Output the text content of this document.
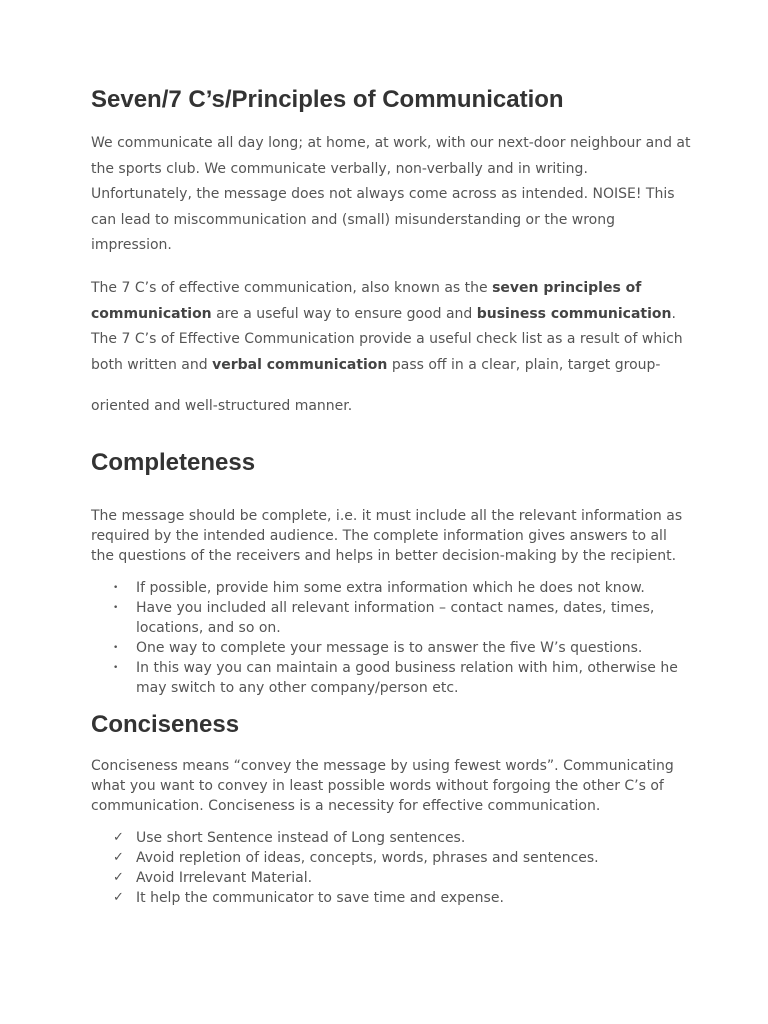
Seven/7 C’s/Principles of Communication

We communicate all day long; at home, at work, with our next-door neighbour and at the sports club. We communicate verbally, non-verbally and in writing. Unfortunately, the message does not always come across as intended. NOISE! This can lead to miscommunication and (small) misunderstanding or the wrong impression.

The 7 C’s of effective communication, also known as the seven principles of communication are a useful way to ensure good and business communication. The 7 C’s of Effective Communication provide a useful check list as a result of which both written and verbal communication pass off in a clear, plain, target group-

oriented and well-structured manner.

Completeness

The message should be complete, i.e. it must include all the relevant information as required by the intended audience. The complete information gives answers to all the questions of the receivers and helps in better decision-making by the recipient.

• If possible, provide him some extra information which he does not know.
• Have you included all relevant information – contact names, dates, times, locations, and so on.
• One way to complete your message is to answer the five W’s questions.
• In this way you can maintain a good business relation with him, otherwise he may switch to any other company/person etc.
Conciseness

Conciseness means “convey the message by using fewest words”. Communicating what you want to convey in least possible words without forgoing the other C’s of communication. Conciseness is a necessity for effective communication.

✓ Use short Sentence instead of Long sentences.
✓ Avoid repletion of ideas, concepts, words, phrases and sentences.
✓ Avoid Irrelevant Material.
✓ It help the communicator to save time and expense.
